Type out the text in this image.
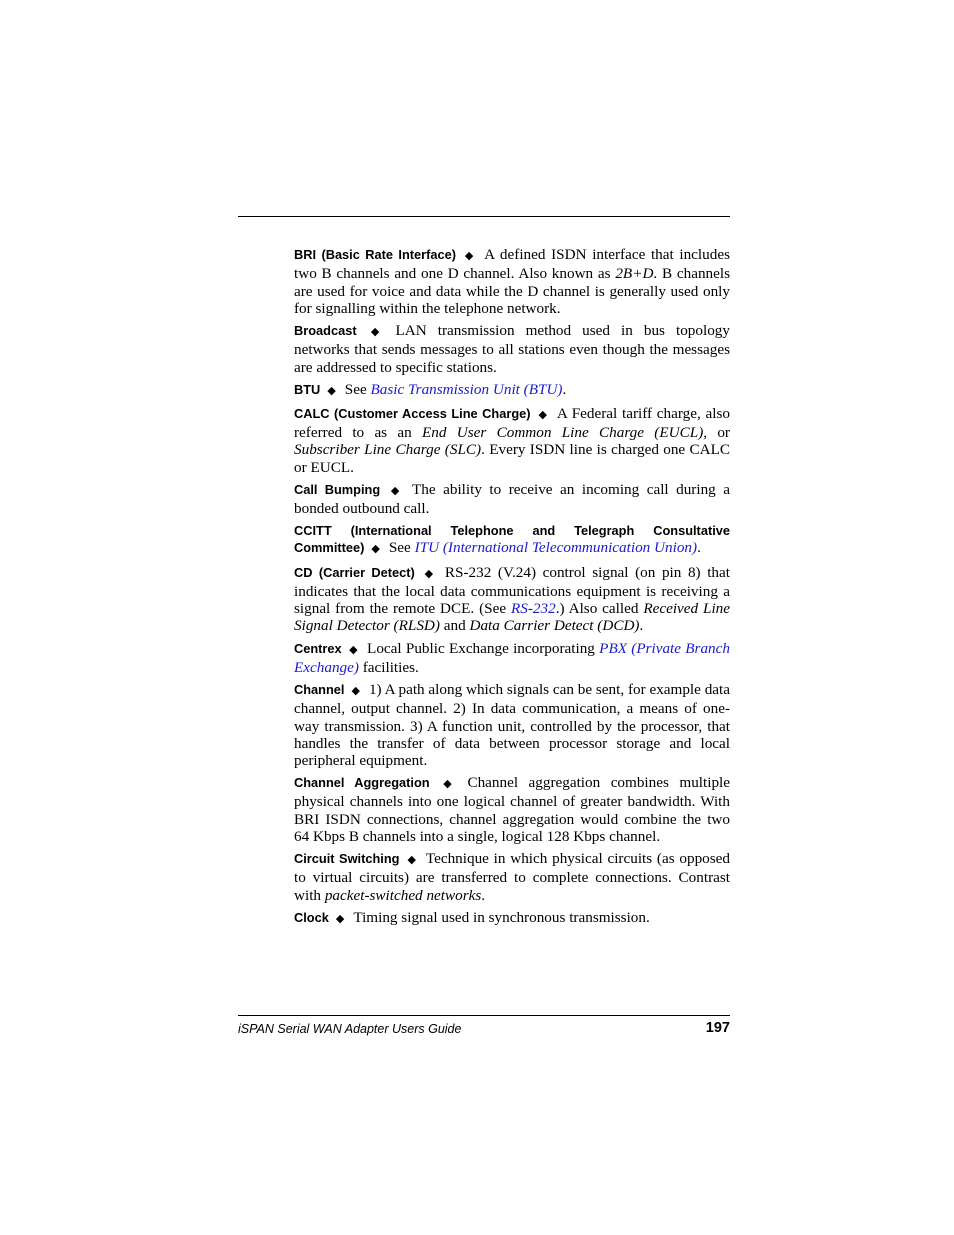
BRI (Basic Rate Interface) ◆ A defined ISDN interface that includes two B channels and one D channel. Also known as 2B+D. B channels are used for voice and data while the D channel is generally used only for signalling within the telephone network.

Broadcast ◆ LAN transmission method used in bus topology networks that sends messages to all stations even though the messages are addressed to specific stations.

BTU ◆ See Basic Transmission Unit (BTU).

CALC (Customer Access Line Charge) ◆ A Federal tariff charge, also referred to as an End User Common Line Charge (EUCL), or Subscriber Line Charge (SLC). Every ISDN line is charged one CALC or EUCL.

Call Bumping ◆ The ability to receive an incoming call during a bonded outbound call.

CCITT (International Telephone and Telegraph Consultative Committee) ◆ See ITU (International Telecommunication Union).

CD (Carrier Detect) ◆ RS-232 (V.24) control signal (on pin 8) that indicates that the local data communications equipment is receiving a signal from the remote DCE. (See RS-232.) Also called Received Line Signal Detector (RLSD) and Data Carrier Detect (DCD).

Centrex ◆ Local Public Exchange incorporating PBX (Private Branch Exchange) facilities.

Channel ◆ 1) A path along which signals can be sent, for example data channel, output channel. 2) In data communication, a means of one-way transmission. 3) A function unit, controlled by the processor, that handles the transfer of data between processor storage and local peripheral equipment.

Channel Aggregation ◆ Channel aggregation combines multiple physical channels into one logical channel of greater bandwidth. With BRI ISDN connections, channel aggregation would combine the two 64 Kbps B channels into a single, logical 128 Kbps channel.

Circuit Switching ◆ Technique in which physical circuits (as opposed to virtual circuits) are transferred to complete connections. Contrast with packet-switched networks.

Clock ◆ Timing signal used in synchronous transmission.

iSPAN Serial WAN Adapter Users Guide	197
